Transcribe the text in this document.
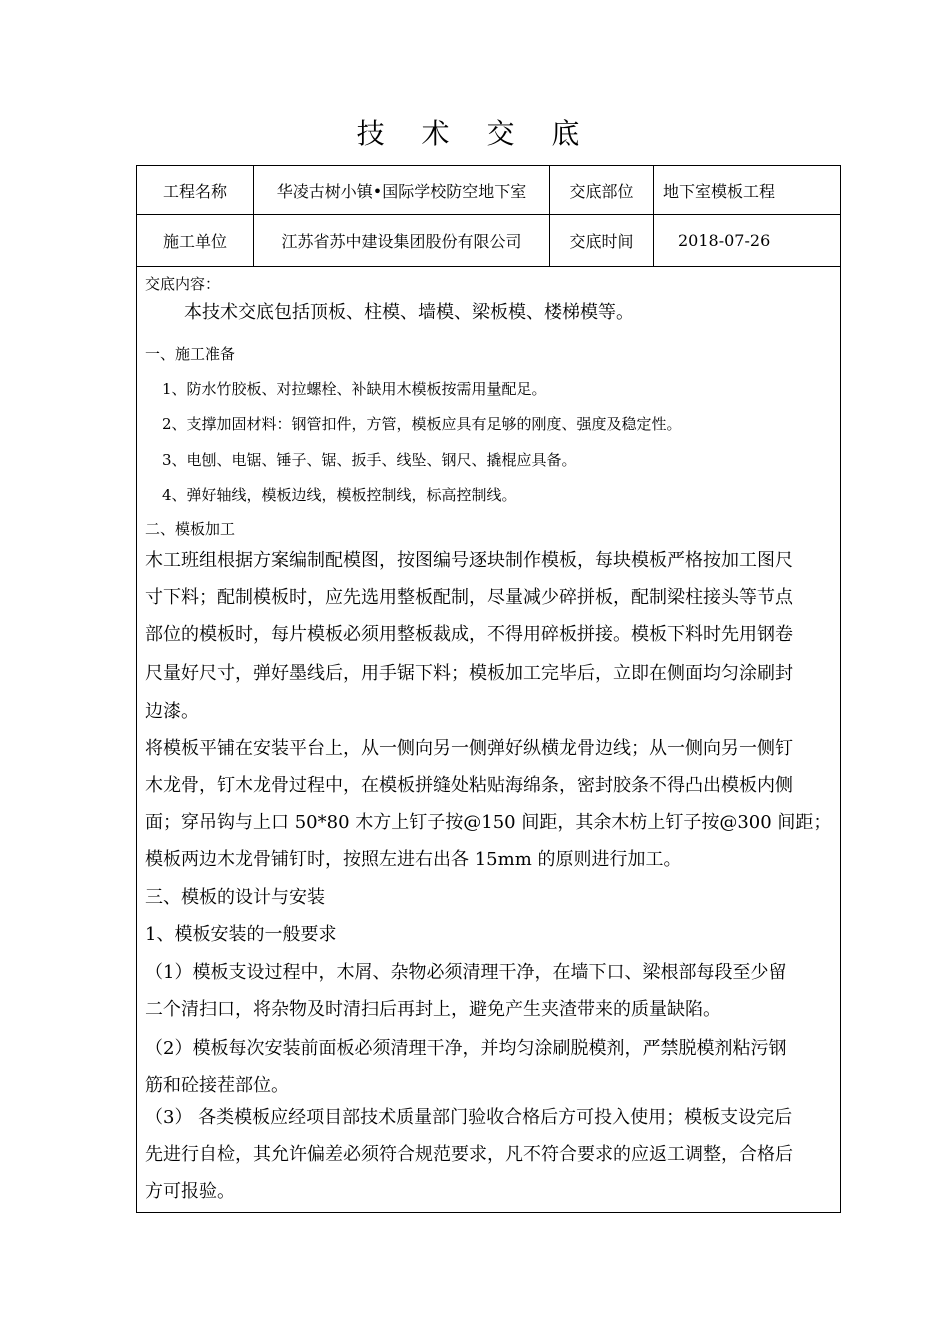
技 术 交 底
工程名称	华凌古树小镇•国际学校防空地下室	交底部位	地下室模板工程
施工单位	江苏省苏中建设集团股份有限公司	交底时间	2018-07-26
交底内容：
本技术交底包括顶板、柱模、墙模、梁板模、楼梯模等。
一、施工准备
1、防水竹胶板、对拉螺栓、补缺用木模板按需用量配足。
2、支撑加固材料：钢管扣件，方管，模板应具有足够的刚度、强度及稳定性。
3、电刨、电锯、锤子、锯、扳手、线坠、钢尺、撬棍应具备。
4、弹好轴线，模板边线，模板控制线，标高控制线。
二、模板加工
木工班组根据方案编制配模图，按图编号逐块制作模板，每块模板严格按加工图尺
寸下料；配制模板时，应先选用整板配制，尽量减少碎拼板，配制梁柱接头等节点
部位的模板时，每片模板必须用整板裁成，不得用碎板拼接。模板下料时先用钢卷
尺量好尺寸，弹好墨线后，用手锯下料；模板加工完毕后，立即在侧面均匀涂刷封
边漆。
将模板平铺在安装平台上，从一侧向另一侧弹好纵横龙骨边线；从一侧向另一侧钉
木龙骨，钉木龙骨过程中，在模板拼缝处粘贴海绵条，密封胶条不得凸出模板内侧
面；穿吊钩与上口 50*80 木方上钉子按@150 间距，其余木枋上钉子按@300 间距；
模板两边木龙骨铺钉时，按照左进右出各 15mm 的原则进行加工。
三、模板的设计与安装
1、模板安装的一般要求
（1）模板支设过程中，木屑、杂物必须清理干净，在墙下口、梁根部每段至少留
二个清扫口，将杂物及时清扫后再封上，避免产生夹渣带来的质量缺陷。
（2）模板每次安装前面板必须清理干净，并均匀涂刷脱模剂，严禁脱模剂粘污钢
筋和砼接茬部位。
（3） 各类模板应经项目部技术质量部门验收合格后方可投入使用；模板支设完后
先进行自检，其允许偏差必须符合规范要求，凡不符合要求的应返工调整，合格后
方可报验。
